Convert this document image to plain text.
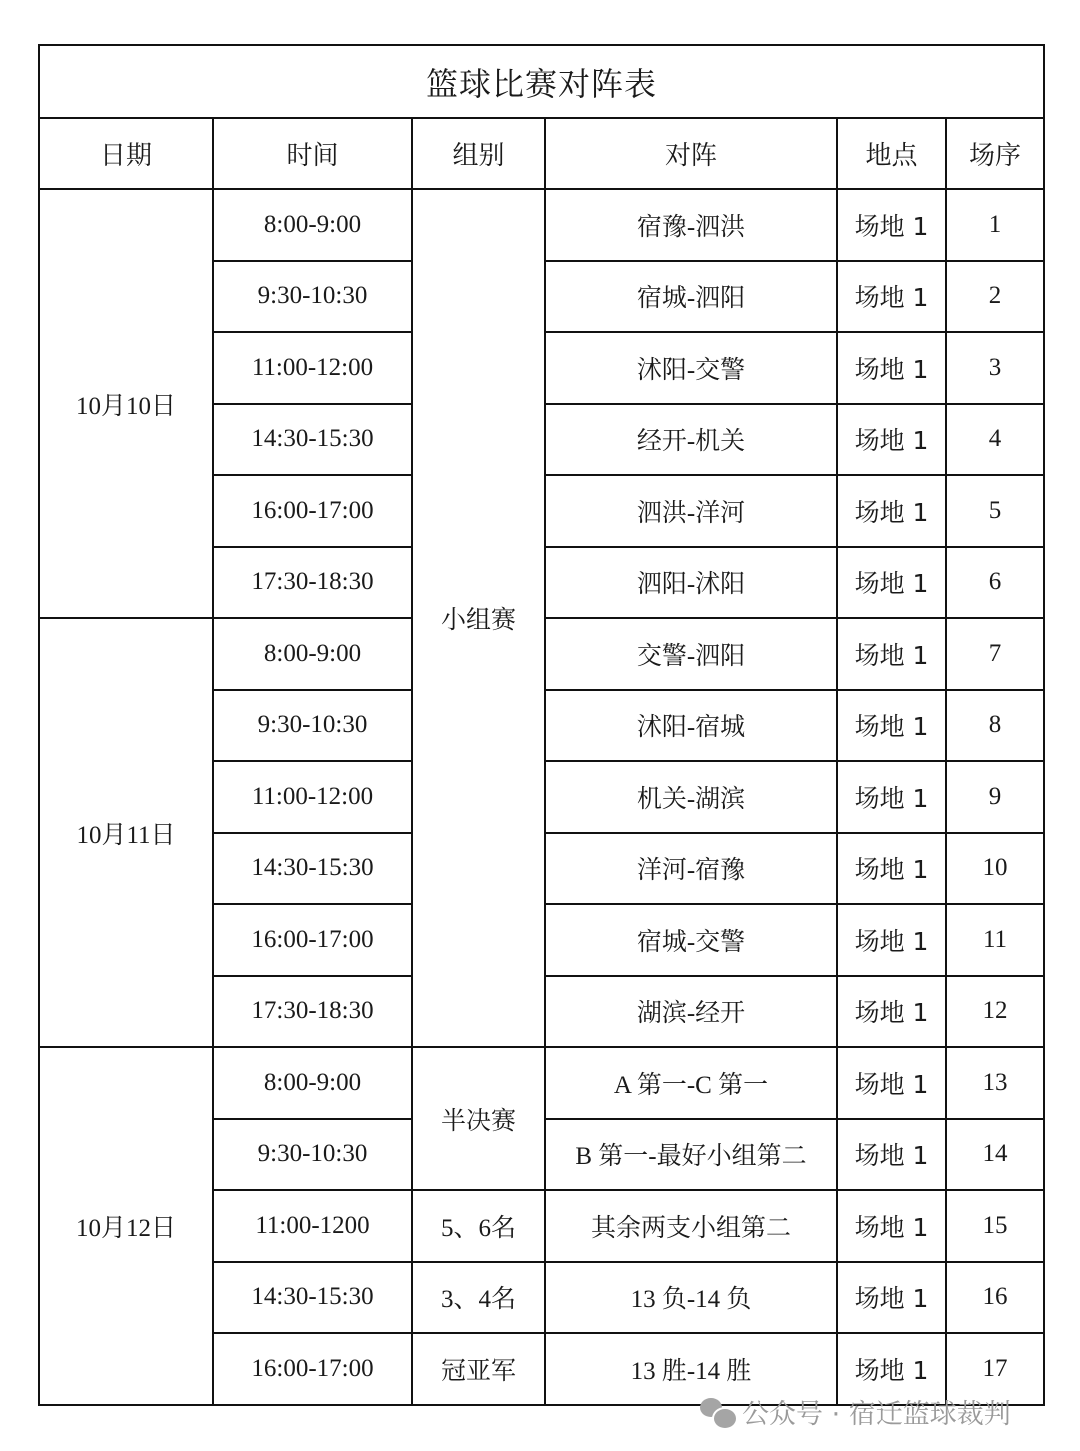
篮球比赛对阵表					
日期	时间	组别	对阵	地点	场序
10月10日	8:00-9:00	小组赛	宿豫-泗洪	场地 1	1
	9:30-10:30		宿城-泗阳	场地 1	2
	11:00-12:00		沭阳-交警	场地 1	3
	14:30-15:30		经开-机关	场地 1	4
	16:00-17:00		泗洪-洋河	场地 1	5
	17:30-18:30		泗阳-沭阳	场地 1	6
10月11日	8:00-9:00		交警-泗阳	场地 1	7
	9:30-10:30		沭阳-宿城	场地 1	8
	11:00-12:00		机关-湖滨	场地 1	9
	14:30-15:30		洋河-宿豫	场地 1	10
	16:00-17:00		宿城-交警	场地 1	11
	17:30-18:30		湖滨-经开	场地 1	12
10月12日	8:00-9:00	半决赛	A 第一-C 第一	场地 1	13
	9:30-10:30		B 第一-最好小组第二	场地 1	14
	11:00-1200	5、6名	其余两支小组第二	场地 1	15
	14:30-15:30	3、4名	13 负-14 负	场地 1	16
	16:00-17:00	冠亚军	13 胜-14 胜	场地 1	17
公众号 · 宿迁篮球裁判
